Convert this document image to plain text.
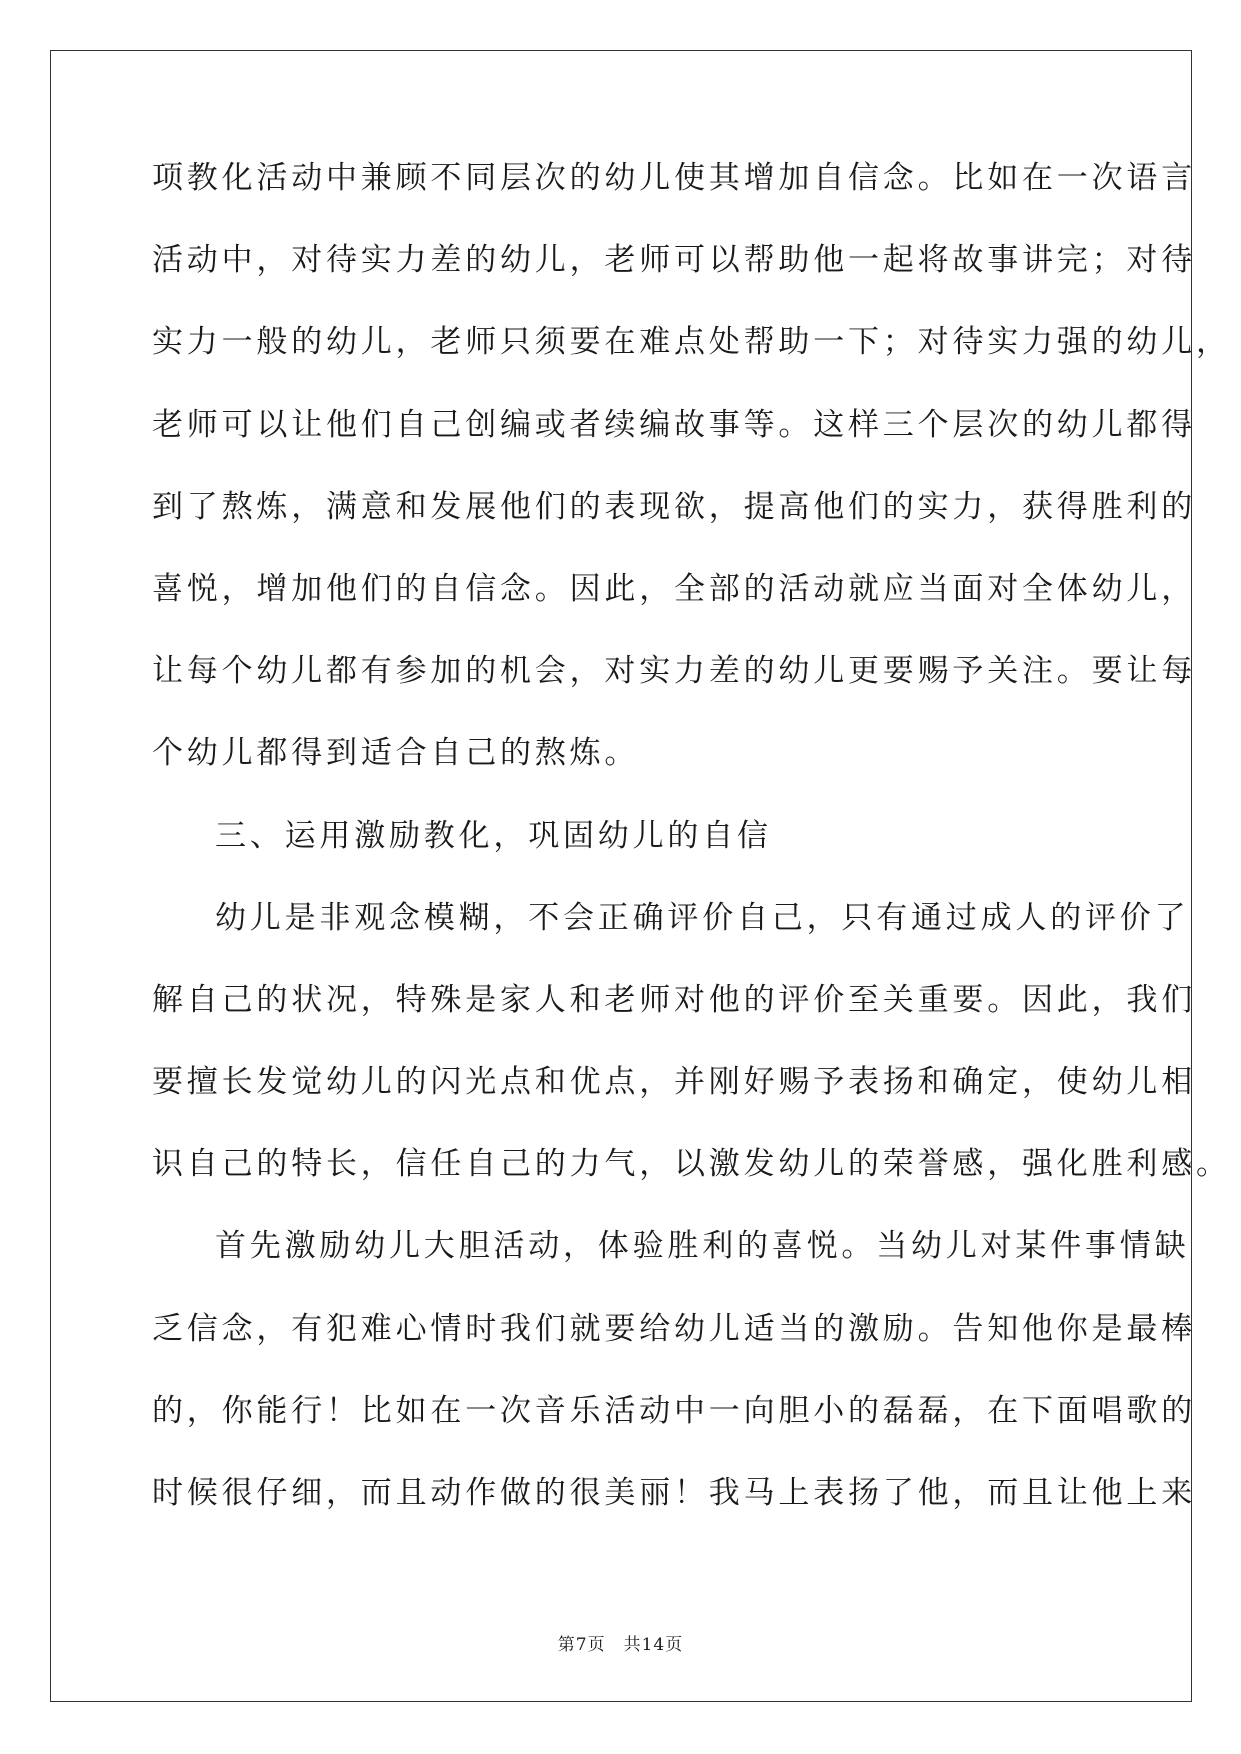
项教化活动中兼顾不同层次的幼儿使其增加自信念。比如在一次语言
活动中，对待实力差的幼儿，老师可以帮助他一起将故事讲完；对待
实力一般的幼儿，老师只须要在难点处帮助一下；对待实力强的幼儿，
老师可以让他们自己创编或者续编故事等。这样三个层次的幼儿都得
到了熬炼，满意和发展他们的表现欲，提高他们的实力，获得胜利的
喜悦，增加他们的自信念。因此，全部的活动就应当面对全体幼儿，
让每个幼儿都有参加的机会，对实力差的幼儿更要赐予关注。要让每
个幼儿都得到适合自己的熬炼。
三、运用激励教化，巩固幼儿的自信
幼儿是非观念模糊，不会正确评价自己，只有通过成人的评价了
解自己的状况，特殊是家人和老师对他的评价至关重要。因此，我们
要擅长发觉幼儿的闪光点和优点，并刚好赐予表扬和确定，使幼儿相
识自己的特长，信任自己的力气，以激发幼儿的荣誉感，强化胜利感。
首先激励幼儿大胆活动，体验胜利的喜悦。当幼儿对某件事情缺
乏信念，有犯难心情时我们就要给幼儿适当的激励。告知他你是最棒
的，你能行！比如在一次音乐活动中一向胆小的磊磊，在下面唱歌的
时候很仔细，而且动作做的很美丽！我马上表扬了他，而且让他上来
第7页 共14页
